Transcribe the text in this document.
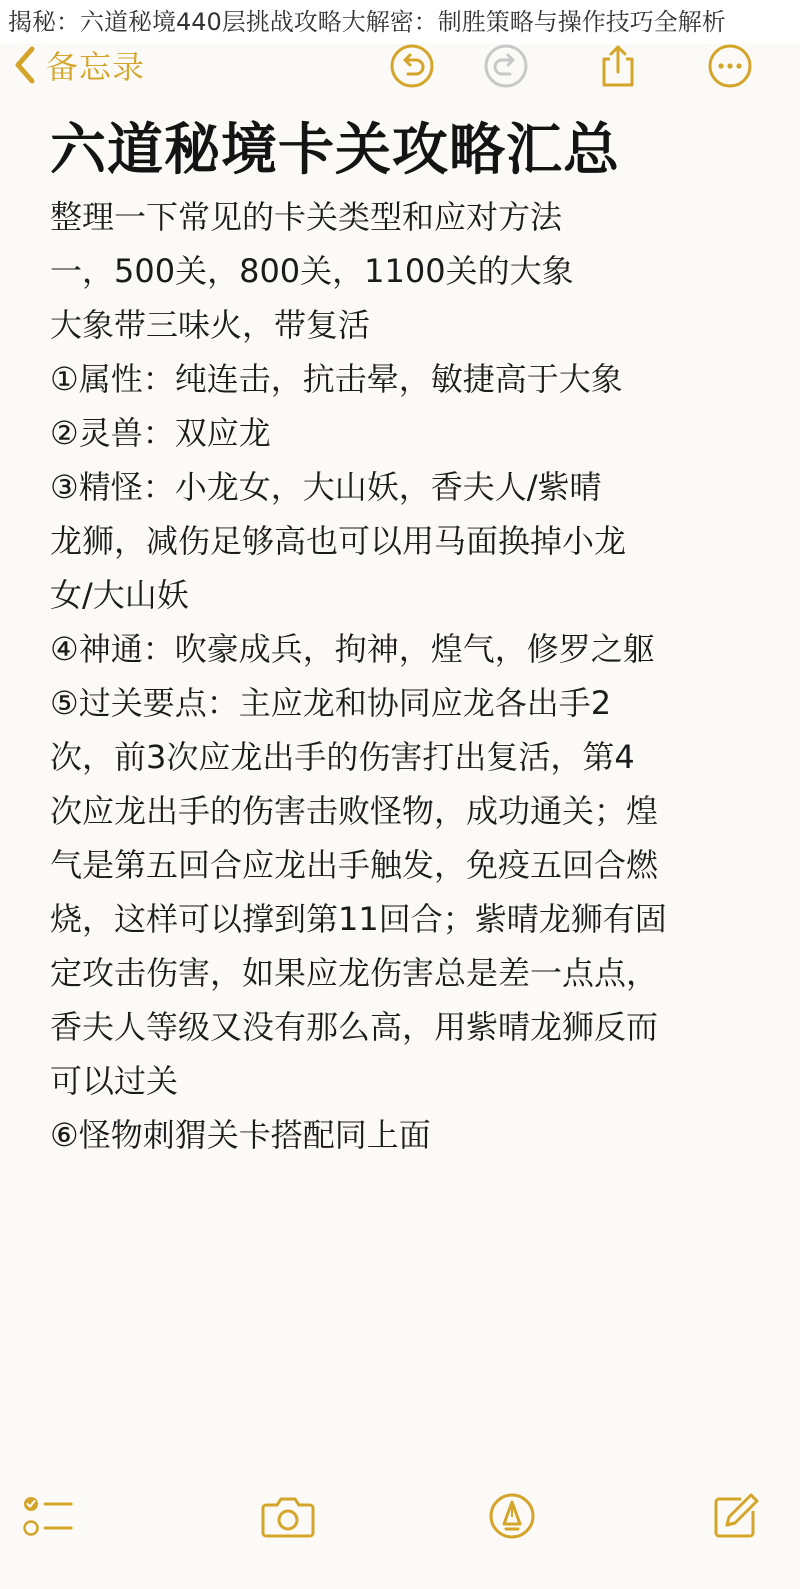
揭秘：六道秘境440层挑战攻略大解密：制胜策略与操作技巧全解析
备忘录
六道秘境卡关攻略汇总
整理一下常见的卡关类型和应对方法
一，500关，800关，1100关的大象
大象带三味火，带复活
①属性：纯连击，抗击晕，敏捷高于大象
②灵兽：双应龙
③精怪：小龙女，大山妖，香夫人/紫晴
龙狮，减伤足够高也可以用马面换掉小龙
女/大山妖
④神通：吹豪成兵，拘神，煌气，修罗之躯
⑤过关要点：主应龙和协同应龙各出手2
次，前3次应龙出手的伤害打出复活，第4
次应龙出手的伤害击败怪物，成功通关；煌
气是第五回合应龙出手触发，免疫五回合燃
烧，这样可以撑到第11回合；紫晴龙狮有固
定攻击伤害，如果应龙伤害总是差一点点，
香夫人等级又没有那么高，用紫晴龙狮反而
可以过关
⑥怪物刺猬关卡搭配同上面
